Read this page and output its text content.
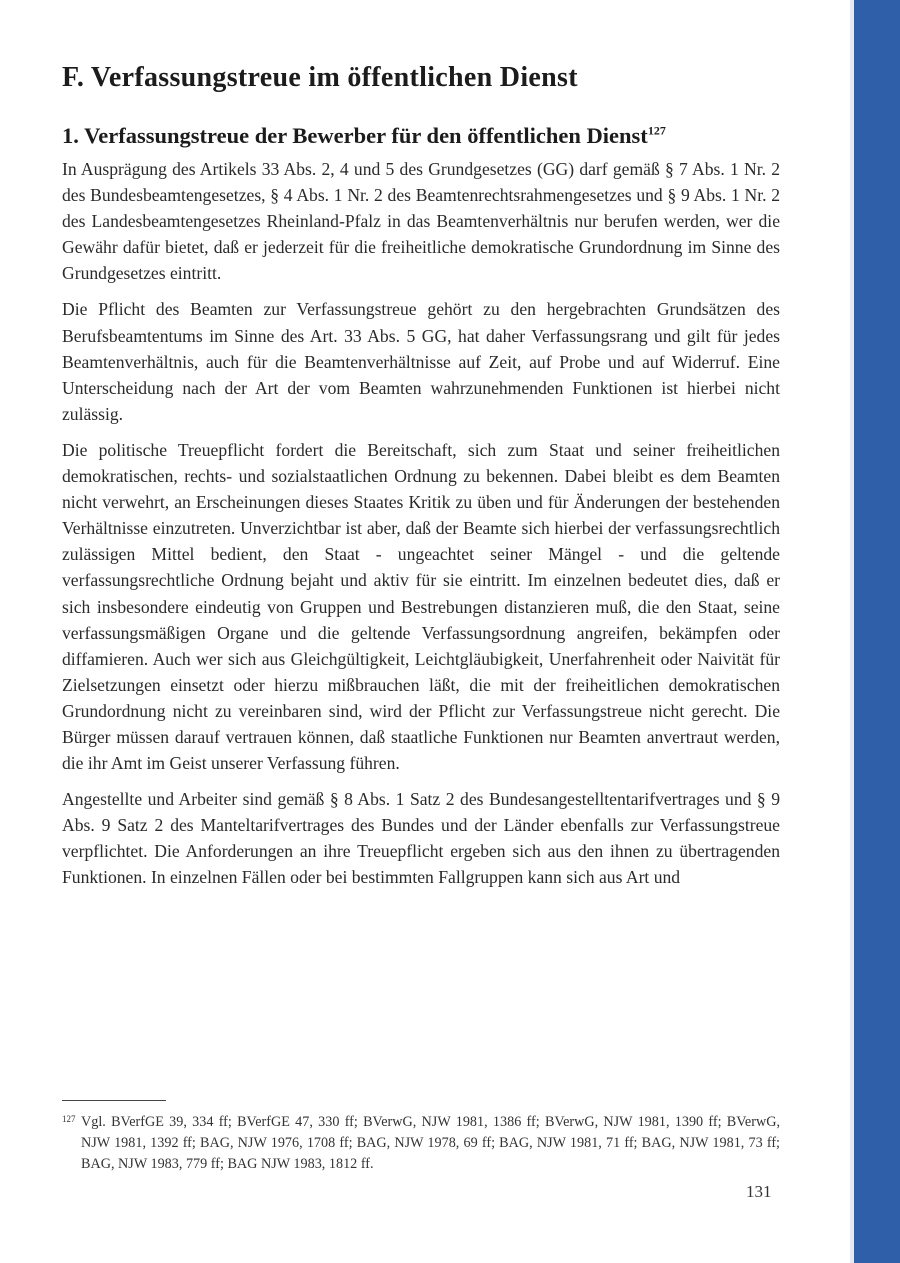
F. Verfassungstreue im öffentlichen Dienst
1. Verfassungstreue der Bewerber für den öffentlichen Dienst$^{127}$

In Ausprägung des Artikels 33 Abs. 2, 4 und 5 des Grundgesetzes (GG) darf gemäß § 7 Abs. 1 Nr. 2 des Bundesbeamtengesetzes, § 4 Abs. 1 Nr. 2 des Beamtenrechtsrahmengesetzes und § 9 Abs. 1 Nr. 2 des Landesbeamtengesetzes Rheinland-Pfalz in das Beamtenverhältnis nur berufen werden, wer die Gewähr dafür bietet, daß er jederzeit für die freiheitliche demokratische Grundordnung im Sinne des Grundgesetzes eintritt.

Die Pflicht des Beamten zur Verfassungstreue gehört zu den hergebrachten Grundsätzen des Berufsbeamtentums im Sinne des Art. 33 Abs. 5 GG, hat daher Verfassungsrang und gilt für jedes Beamtenverhältnis, auch für die Beamtenverhältnisse auf Zeit, auf Probe und auf Widerruf. Eine Unterscheidung nach der Art der vom Beamten wahrzunehmenden Funktionen ist hierbei nicht zulässig.

Die politische Treuepflicht fordert die Bereitschaft, sich zum Staat und seiner freiheitlichen demokratischen, rechts- und sozialstaatlichen Ordnung zu bekennen. Dabei bleibt es dem Beamten nicht verwehrt, an Erscheinungen dieses Staates Kritik zu üben und für Änderungen der bestehenden Verhältnisse einzutreten. Unverzichtbar ist aber, daß der Beamte sich hierbei der verfassungsrechtlich zulässigen Mittel bedient, den Staat - ungeachtet seiner Mängel - und die geltende verfassungsrechtliche Ordnung bejaht und aktiv für sie eintritt. Im einzelnen bedeutet dies, daß er sich insbesondere eindeutig von Gruppen und Bestrebungen distanzieren muß, die den Staat, seine verfassungsmäßigen Organe und die geltende Verfassungsordnung angreifen, bekämpfen oder diffamieren. Auch wer sich aus Gleichgültigkeit, Leichtgläubigkeit, Unerfahrenheit oder Naivität für Zielsetzungen einsetzt oder hierzu mißbrauchen läßt, die mit der freiheitlichen demokratischen Grundordnung nicht zu vereinbaren sind, wird der Pflicht zur Verfassungstreue nicht gerecht. Die Bürger müssen darauf vertrauen können, daß staatliche Funktionen nur Beamten anvertraut werden, die ihr Amt im Geist unserer Verfassung führen.

Angestellte und Arbeiter sind gemäß § 8 Abs. 1 Satz 2 des Bundesangestelltentarifvertrages und § 9 Abs. 9 Satz 2 des Manteltarifvertrages des Bundes und der Länder ebenfalls zur Verfassungstreue verpflichtet. Die Anforderungen an ihre Treuepflicht ergeben sich aus den ihnen zu übertragenden Funktionen. In einzelnen Fällen oder bei bestimmten Fallgruppen kann sich aus Art und

127 Vgl. BVerfGE 39, 334 ff; BVerfGE 47, 330 ff; BVerwG, NJW 1981, 1386 ff; BVerwG, NJW 1981, 1390 ff; BVerwG, NJW 1981, 1392 ff; BAG, NJW 1976, 1708 ff; BAG, NJW 1978, 69 ff; BAG, NJW 1981, 71 ff; BAG, NJW 1981, 73 ff; BAG, NJW 1983, 779 ff; BAG NJW 1983, 1812 ff.
131
